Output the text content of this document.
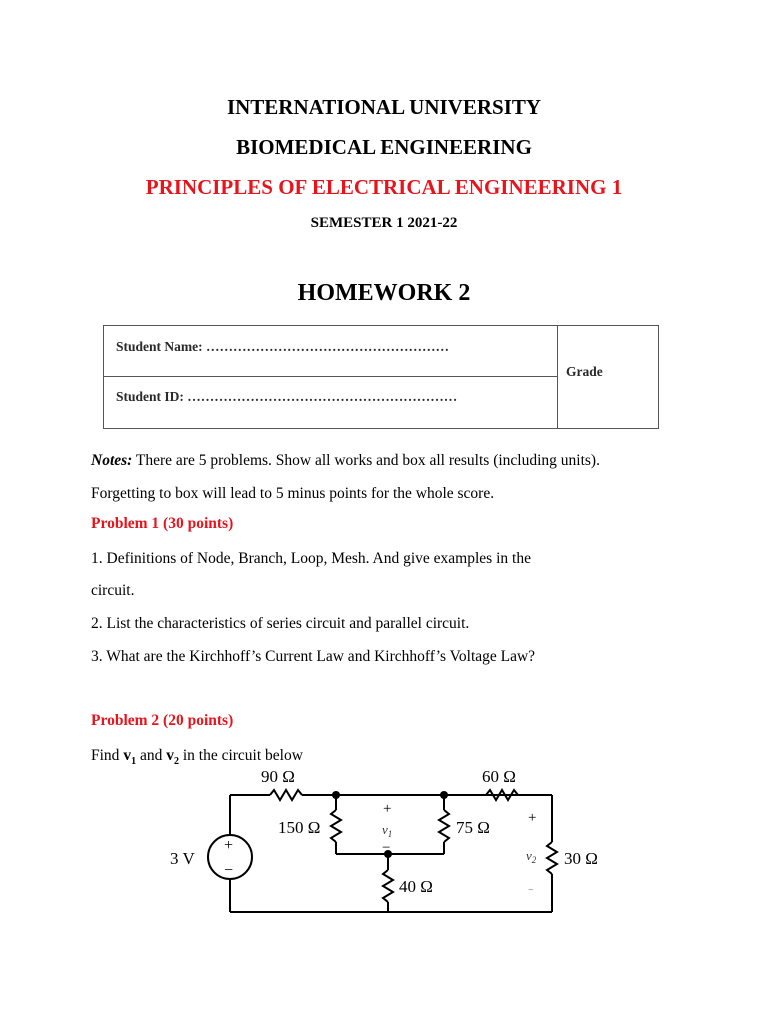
INTERNATIONAL UNIVERSITY
BIOMEDICAL ENGINEERING
PRINCIPLES OF ELECTRICAL ENGINEERING 1
SEMESTER 1 2021-22
HOMEWORK 2
Student Name: ………………………………………………
Student ID: ……………………………………………………
Grade
Notes: There are 5 problems. Show all works and box all results (including units).
Forgetting to box will lead to 5 minus points for the whole score.
Problem 1 (30 points)
1. Definitions of Node, Branch, Loop, Mesh. And give examples in the
circuit.
2. List the characteristics of series circuit and parallel circuit.
3. What are the Kirchhoff’s Current Law and Kirchhoff’s Voltage Law?
Problem 2 (20 points)
Find $v_1$ and $v_2$ in the circuit below
+
−
3 V
90 Ω	60 Ω
150 Ω	75 Ω
40 Ω
30 Ω
+
$v_1$
−
+
$v_2$
−
